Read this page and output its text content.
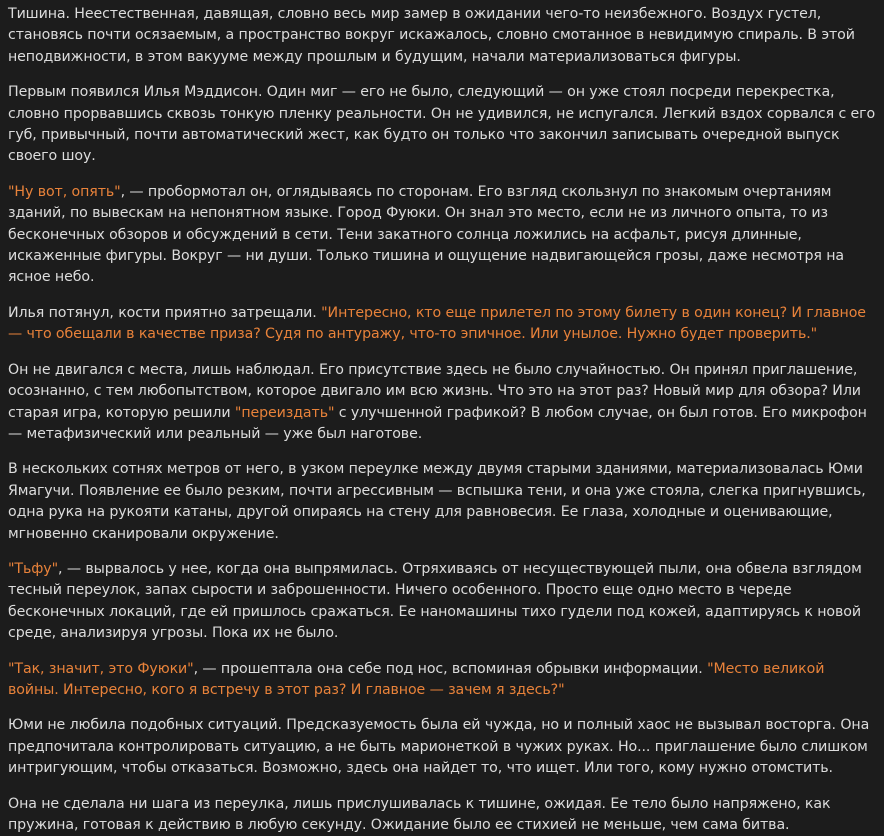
Тишина. Неестественная, давящая, словно весь мир замер в ожидании чего-то неизбежного. Воздух густел, становясь почти осязаемым, а пространство вокруг искажалось, словно смотанное в невидимую спираль. В этой неподвижности, в этом вакууме между прошлым и будущим, начали материализоваться фигуры.

Первым появился Илья Мэддисон. Один миг — его не было, следующий — он уже стоял посреди перекрестка, словно прорвавшись сквозь тонкую пленку реальности. Он не удивился, не испугался. Легкий вздох сорвался с его губ, привычный, почти автоматический жест, как будто он только что закончил записывать очередной выпуск своего шоу.

"Ну вот, опять", — пробормотал он, оглядываясь по сторонам. Его взгляд скользнул по знакомым очертаниям зданий, по вывескам на непонятном языке. Город Фуюки. Он знал это место, если не из личного опыта, то из бесконечных обзоров и обсуждений в сети. Тени закатного солнца ложились на асфальт, рисуя длинные, искаженные фигуры. Вокруг — ни души. Только тишина и ощущение надвигающейся грозы, даже несмотря на ясное небо.

Илья потянул, кости приятно затрещали. "Интересно, кто еще прилетел по этому билету в один конец? И главное — что обещали в качестве приза? Судя по антуражу, что-то эпичное. Или унылое. Нужно будет проверить."

Он не двигался с места, лишь наблюдал. Его присутствие здесь не было случайностью. Он принял приглашение, осознанно, с тем любопытством, которое двигало им всю жизнь. Что это на этот раз? Новый мир для обзора? Или старая игра, которую решили "переиздать" с улучшенной графикой? В любом случае, он был готов. Его микрофон — метафизический или реальный — уже был наготове.

В нескольких сотнях метров от него, в узком переулке между двумя старыми зданиями, материализовалась Юми Ямагучи. Появление ее было резким, почти агрессивным — вспышка тени, и она уже стояла, слегка пригнувшись, одна рука на рукояти катаны, другой опираясь на стену для равновесия. Ее глаза, холодные и оценивающие, мгновенно сканировали окружение.

"Тьфу", — вырвалось у нее, когда она выпрямилась. Отряхиваясь от несуществующей пыли, она обвела взглядом тесный переулок, запах сырости и заброшенности. Ничего особенного. Просто еще одно место в череде бесконечных локаций, где ей пришлось сражаться. Ее наномашины тихо гудели под кожей, адаптируясь к новой среде, анализируя угрозы. Пока их не было.

"Так, значит, это Фуюки", — прошептала она себе под нос, вспоминая обрывки информации. "Место великой войны. Интересно, кого я встречу в этот раз? И главное — зачем я здесь?"

Юми не любила подобных ситуаций. Предсказуемость была ей чужда, но и полный хаос не вызывал восторга. Она предпочитала контролировать ситуацию, а не быть марионеткой в чужих руках. Но... приглашение было слишком интригующим, чтобы отказаться. Возможно, здесь она найдет то, что ищет. Или того, кому нужно отомстить.

Она не сделала ни шага из переулка, лишь прислушивалась к тишине, ожидая. Ее тело было напряжено, как пружина, готовая к действию в любую секунду. Ожидание было ее стихией не меньше, чем сама битва.
